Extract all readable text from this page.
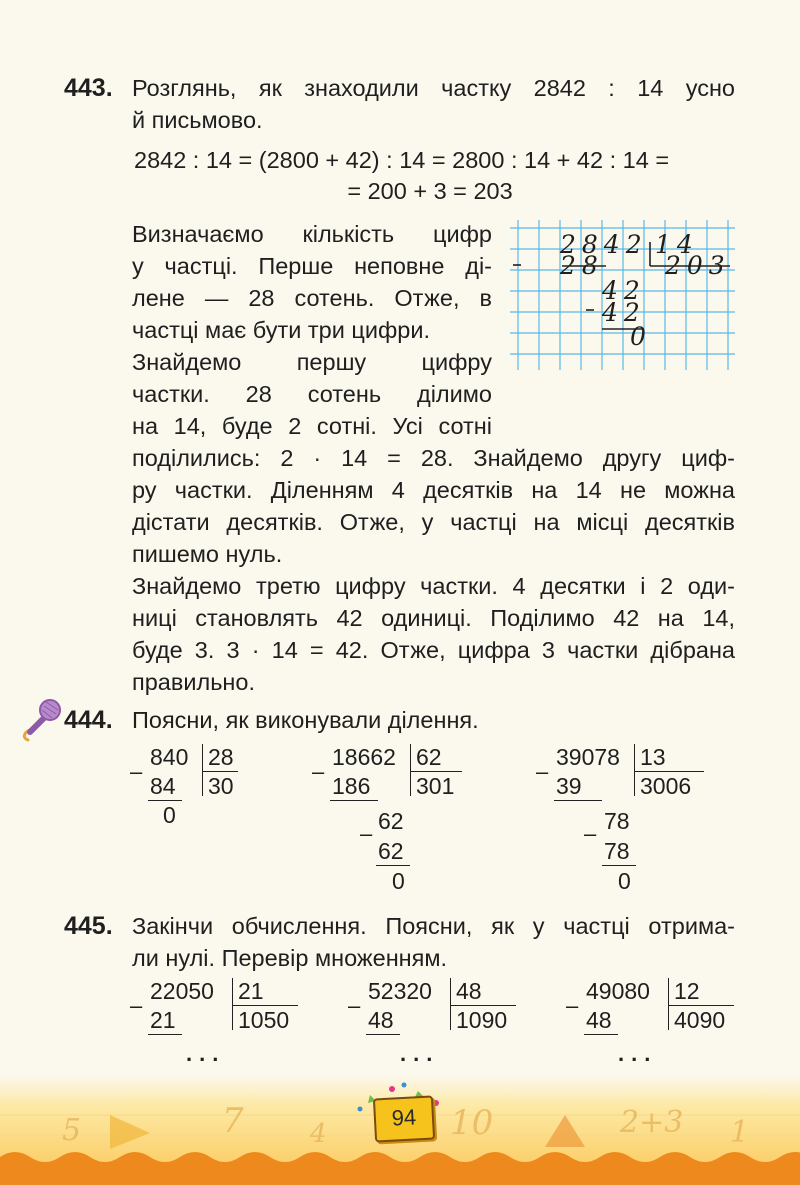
443. Розглянь, як знаходили частку 2842 : 14 усно
й письмово.
2842 : 14 = (2800 + 42) : 14 = 2800 : 14 + 42 : 14 =
= 200 + 3 = 203
Визначаємо кількість цифр
у частці. Перше неповне ді-
лене — 28 сотень. Отже, в
частці має бути три цифри.
Знайдемо першу цифру
частки. 28 сотень ділимо
на 14, буде 2 сотні. Усі сотні
поділились: 2 · 14 = 28. Знайдемо другу циф-
ру частки. Діленням 4 десятків на 14 не можна
дістати десятків. Отже, у частці на місці десятків
пишемо нуль.
Знайдемо третю цифру частки. 4 десятки і 2 оди-
ниці становлять 42 одиниці. Поділимо 42 на 14,
буде 3. 3 · 14 = 42. Отже, цифра 3 частки дібрана
правильно.
2842 14
28 203
42
42
0
444. Поясни, як виконували ділення.
–
840 28
84 30
0
–
18662 62
186 301
– 62
62
0
–
39078 13
39	3006
– 78
78
0
445. Закінчи обчислення. Поясни, як у частці отрима-
ли нулі. Перевір множенням.
–
22050 21
21	1050
...
–
52320 48
48	1090
...
–
49080 12
48	4090
...
5	7	4	10	2+3 1
94
